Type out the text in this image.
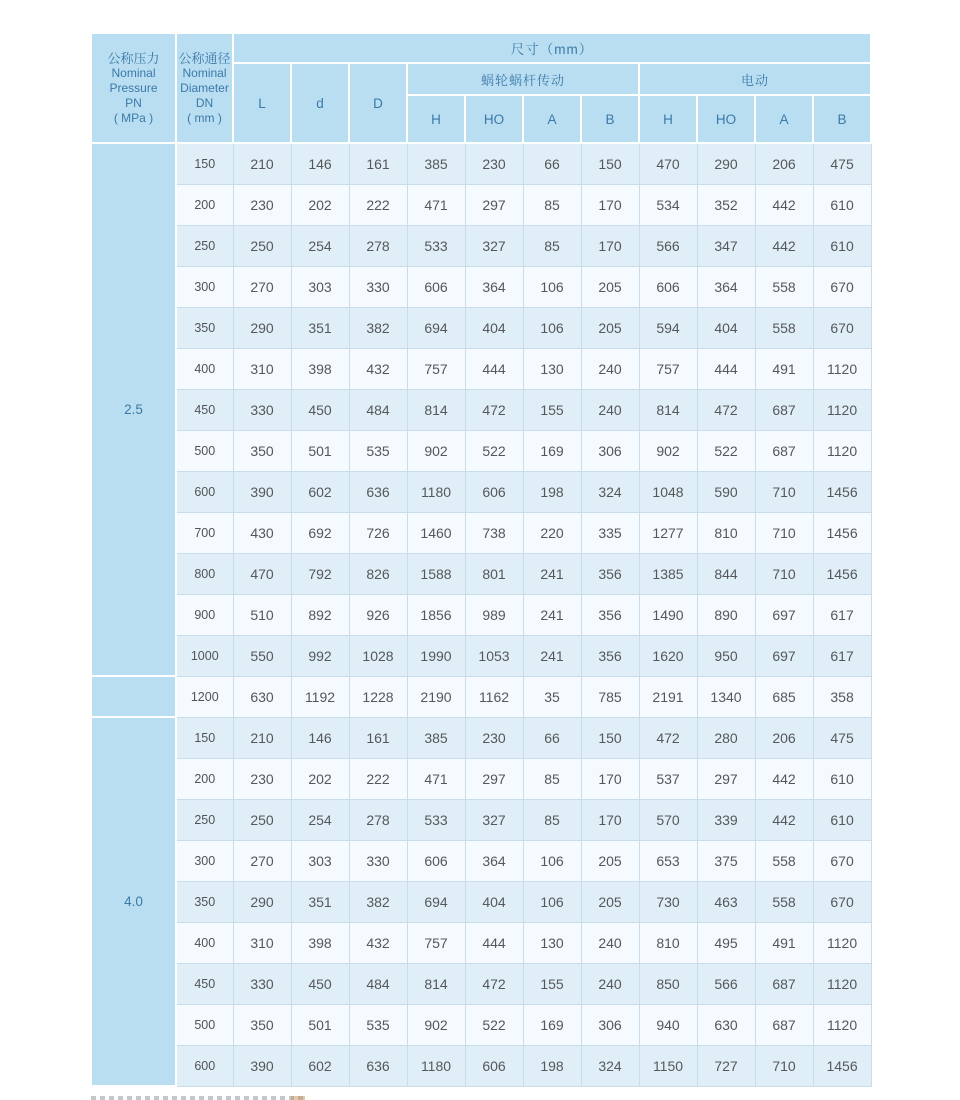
公称压力
Nominal
Pressure
PN
( MPa )	公称通径
Nominal
Diameter
DN
( mm )	尺寸（mm）										
		L	d	D	蜗轮蜗杆传动				电动			
					H	HO	A	B	H	HO	A	B
2.5	150	210	146	161	385	230	66	150	470	290	206	475
	200	230	202	222	471	297	85	170	534	352	442	610
	250	250	254	278	533	327	85	170	566	347	442	610
	300	270	303	330	606	364	106	205	606	364	558	670
	350	290	351	382	694	404	106	205	594	404	558	670
	400	310	398	432	757	444	130	240	757	444	491	1120
	450	330	450	484	814	472	155	240	814	472	687	1120
	500	350	501	535	902	522	169	306	902	522	687	1120
	600	390	602	636	1180	606	198	324	1048	590	710	1456
	700	430	692	726	1460	738	220	335	1277	810	710	1456
	800	470	792	826	1588	801	241	356	1385	844	710	1456
	900	510	892	926	1856	989	241	356	1490	890	697	617
	1000	550	992	1028	1990	1053	241	356	1620	950	697	617
	1200	630	1192	1228	2190	1162	35	785	2191	1340	685	358
4.0	150	210	146	161	385	230	66	150	472	280	206	475
	200	230	202	222	471	297	85	170	537	297	442	610
	250	250	254	278	533	327	85	170	570	339	442	610
	300	270	303	330	606	364	106	205	653	375	558	670
	350	290	351	382	694	404	106	205	730	463	558	670
	400	310	398	432	757	444	130	240	810	495	491	1120
	450	330	450	484	814	472	155	240	850	566	687	1120
	500	350	501	535	902	522	169	306	940	630	687	1120
	600	390	602	636	1180	606	198	324	1150	727	710	1456
